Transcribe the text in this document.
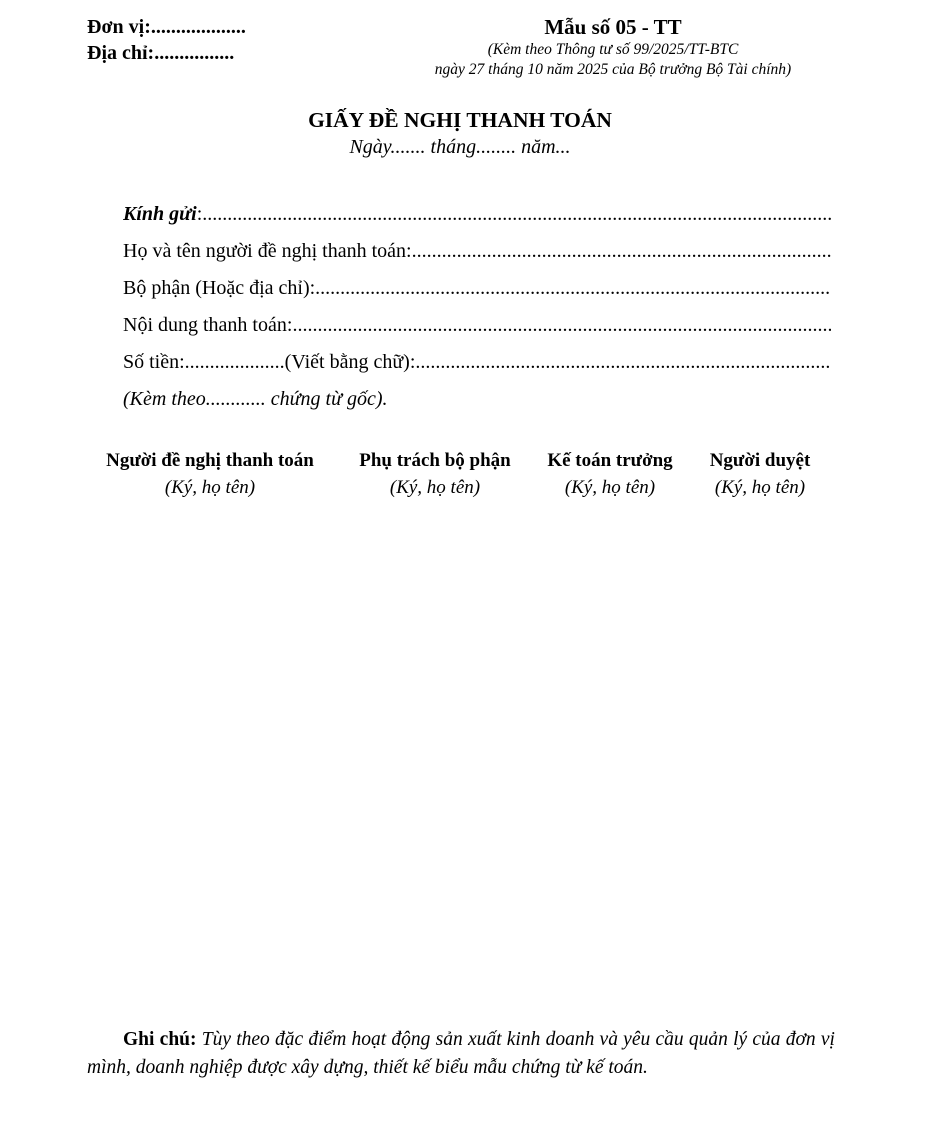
Đơn vị:...................
Địa chỉ:................
Mẫu số 05 - TT
(Kèm theo Thông tư số 99/2025/TT-BTC
ngày 27 tháng 10 năm 2025 của Bộ trưởng Bộ Tài chính)
GIẤY ĐỀ NGHỊ THANH TOÁN
Ngày....... tháng........ năm...
Kính gửi :
.....
Họ và tên người đề nghị thanh toán:
.....
Bộ phận (Hoặc địa chỉ):
.....
Nội dung thanh toán:
.....
Số tiền: .................... (Viết bằng chữ):
.....
(Kèm theo............ chứng từ gốc).
Người đề nghị thanh toán
(Ký, họ tên)
Phụ trách bộ phận
(Ký, họ tên)
Kế toán trưởng
(Ký, họ tên)
Người duyệt
(Ký, họ tên)
Ghi chú: Tùy theo đặc điểm hoạt động sản xuất kinh doanh và yêu cầu quản lý của đơn vị mình, doanh nghiệp được xây dựng, thiết kế biểu mẫu chứng từ kế toán.
